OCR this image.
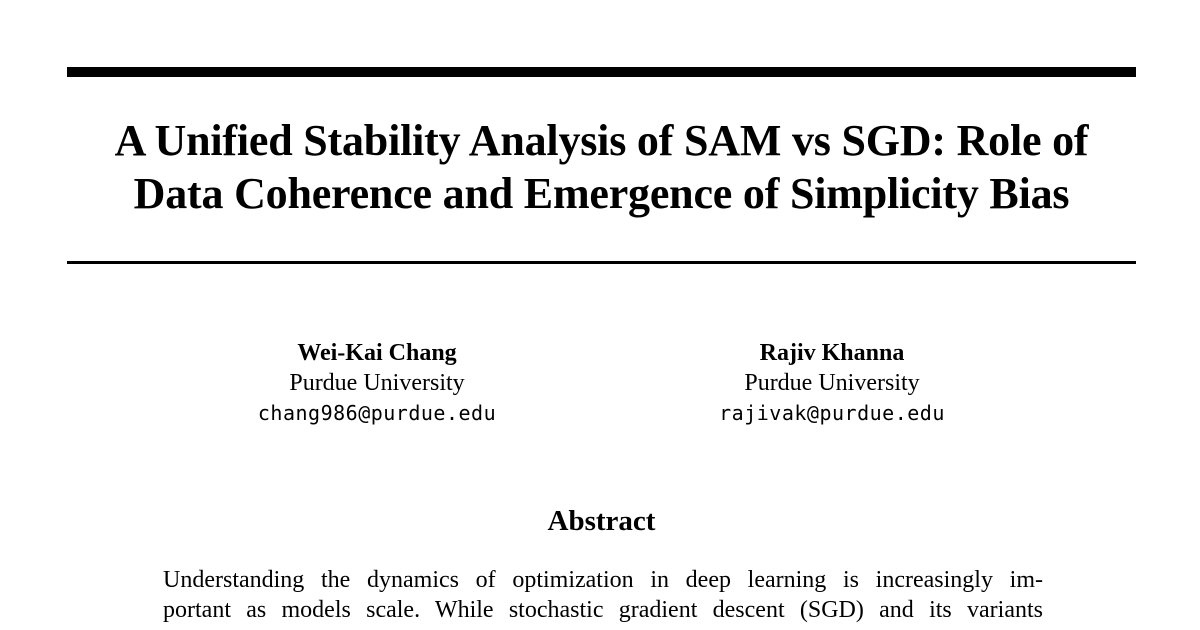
A Unified Stability Analysis of SAM vs SGD: Role of
Data Coherence and Emergence of Simplicity Bias
Wei-Kai Chang
Purdue University
chang986@purdue.edu
Rajiv Khanna
Purdue University
rajivak@purdue.edu
Abstract
Understanding the dynamics of optimization in deep learning is increasingly im-
portant as models scale. While stochastic gradient descent (SGD) and its variants
